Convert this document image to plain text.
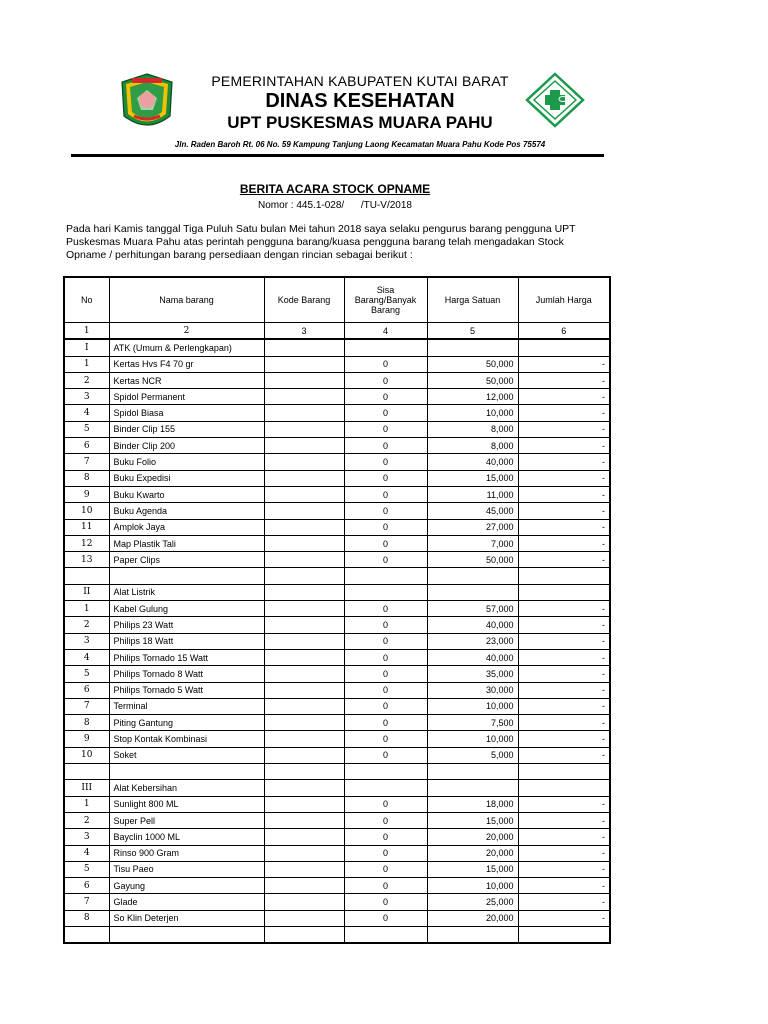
PEMERINTAHAN KABUPATEN KUTAI BARAT
DINAS KESEHATAN
UPT PUSKESMAS MUARA PAHU
Jln. Raden Baroh Rt. 06 No. 59 Kampung Tanjung Laong Kecamatan Muara Pahu Kode Pos 75574
BERITA ACARA STOCK OPNAME
Nomor : 445.1-028/      /TU-V/2018
Pada hari Kamis tanggal Tiga Puluh Satu bulan Mei tahun 2018 saya selaku pengurus barang pengguna UPT Puskesmas Muara Pahu atas perintah pengguna barang/kuasa pengguna barang telah mengadakan Stock Opname / perhitungan barang persediaan dengan rincian sebagai berikut :
No	Nama barang	Kode Barang	Sisa Barang/Banyak Barang	Harga Satuan	Jumlah Harga
1	2	3	4	5	6
I	ATK (Umum & Perlengkapan)				
1	Kertas Hvs F4 70 gr		0	50,000	-
2	Kertas NCR		0	50,000	-
3	Spidol Permanent		0	12,000	-
4	Spidol Biasa		0	10,000	-
5	Binder Clip 155		0	8,000	-
6	Binder Clip 200		0	8,000	-
7	Buku Folio		0	40,000	-
8	Buku Expedisi		0	15,000	-
9	Buku Kwarto		0	11,000	-
10	Buku Agenda		0	45,000	-
11	Amplok Jaya		0	27,000	-
12	Map Plastik Tali		0	7,000	-
13	Paper Clips		0	50,000	-

II	Alat Listrik				
1	Kabel Gulung		0	57,000	-
2	Philips 23 Watt		0	40,000	-
3	Philips 18 Watt		0	23,000	-
4	Philips Tornado 15 Watt		0	40,000	-
5	Philips Tornado 8 Watt		0	35,000	-
6	Philips Tornado 5 Watt		0	30,000	-
7	Terminal		0	10,000	-
8	Piting Gantung		0	7,500	-
9	Stop Kontak Kombinasi		0	10,000	-
10	Soket		0	5,000	-

III	Alat Kebersihan				
1	Sunlight 800 ML		0	18,000	-
2	Super Pell		0	15,000	-
3	Bayclin 1000 ML		0	20,000	-
4	Rinso 900 Gram		0	20,000	-
5	Tisu Paeo		0	15,000	-
6	Gayung		0	10,000	-
7	Glade		0	25,000	-
8	So Klin Deterjen		0	20,000	-
